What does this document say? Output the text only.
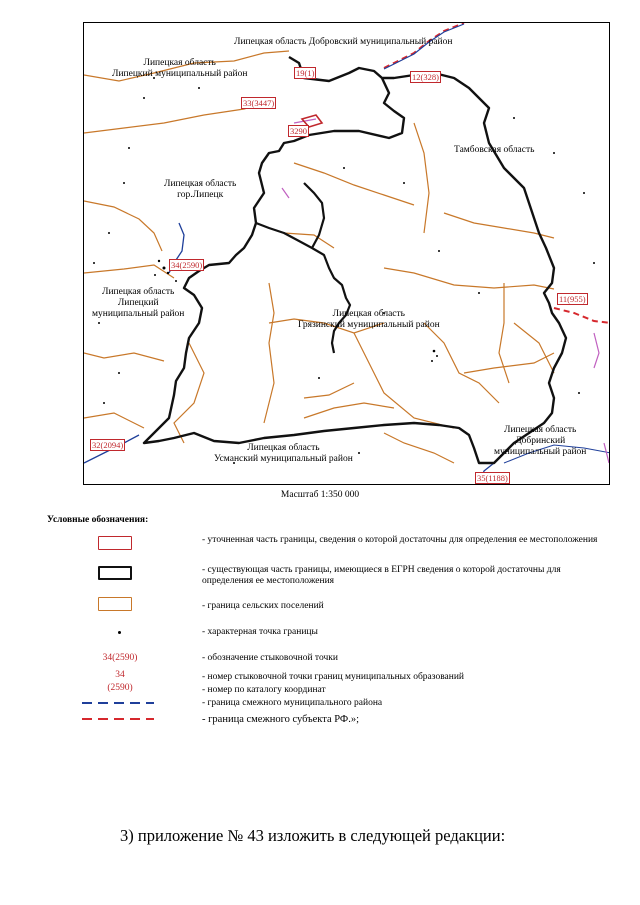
Липецкая область Добровский муниципальный район
Липецкая область
Липецкий муниципальный район
Тамбовская область
Липецкая область
гор.Липецк
Липецкая область
Липецкий
муниципальный район	Липецкая область
Грязинский муниципальный район
Липецкая область
Добринский
муниципальный район
Липецкая область
Усманский муниципальный район
19(1)	12(328)
33(3447)
3290
34(2590)
11(955)
32(2094)
35(1188)
Масштаб 1:350 000
Условные обозначения:
- уточненная часть границы, сведения о которой достаточны для определения ее местоположения
- существующая часть границы, имеющиеся в ЕГРН сведения о которой достаточны для определения ее местоположения
- граница сельских поселений
- характерная точка границы
34(2590)	- обозначение стыковочной точки
34	- номер стыковочной точки границ муниципальных образований
(2590)	- номер по каталогу координат
- граница смежного муниципального района
- граница смежного субъекта РФ.»;
3) приложение № 43 изложить в следующей редакции:
